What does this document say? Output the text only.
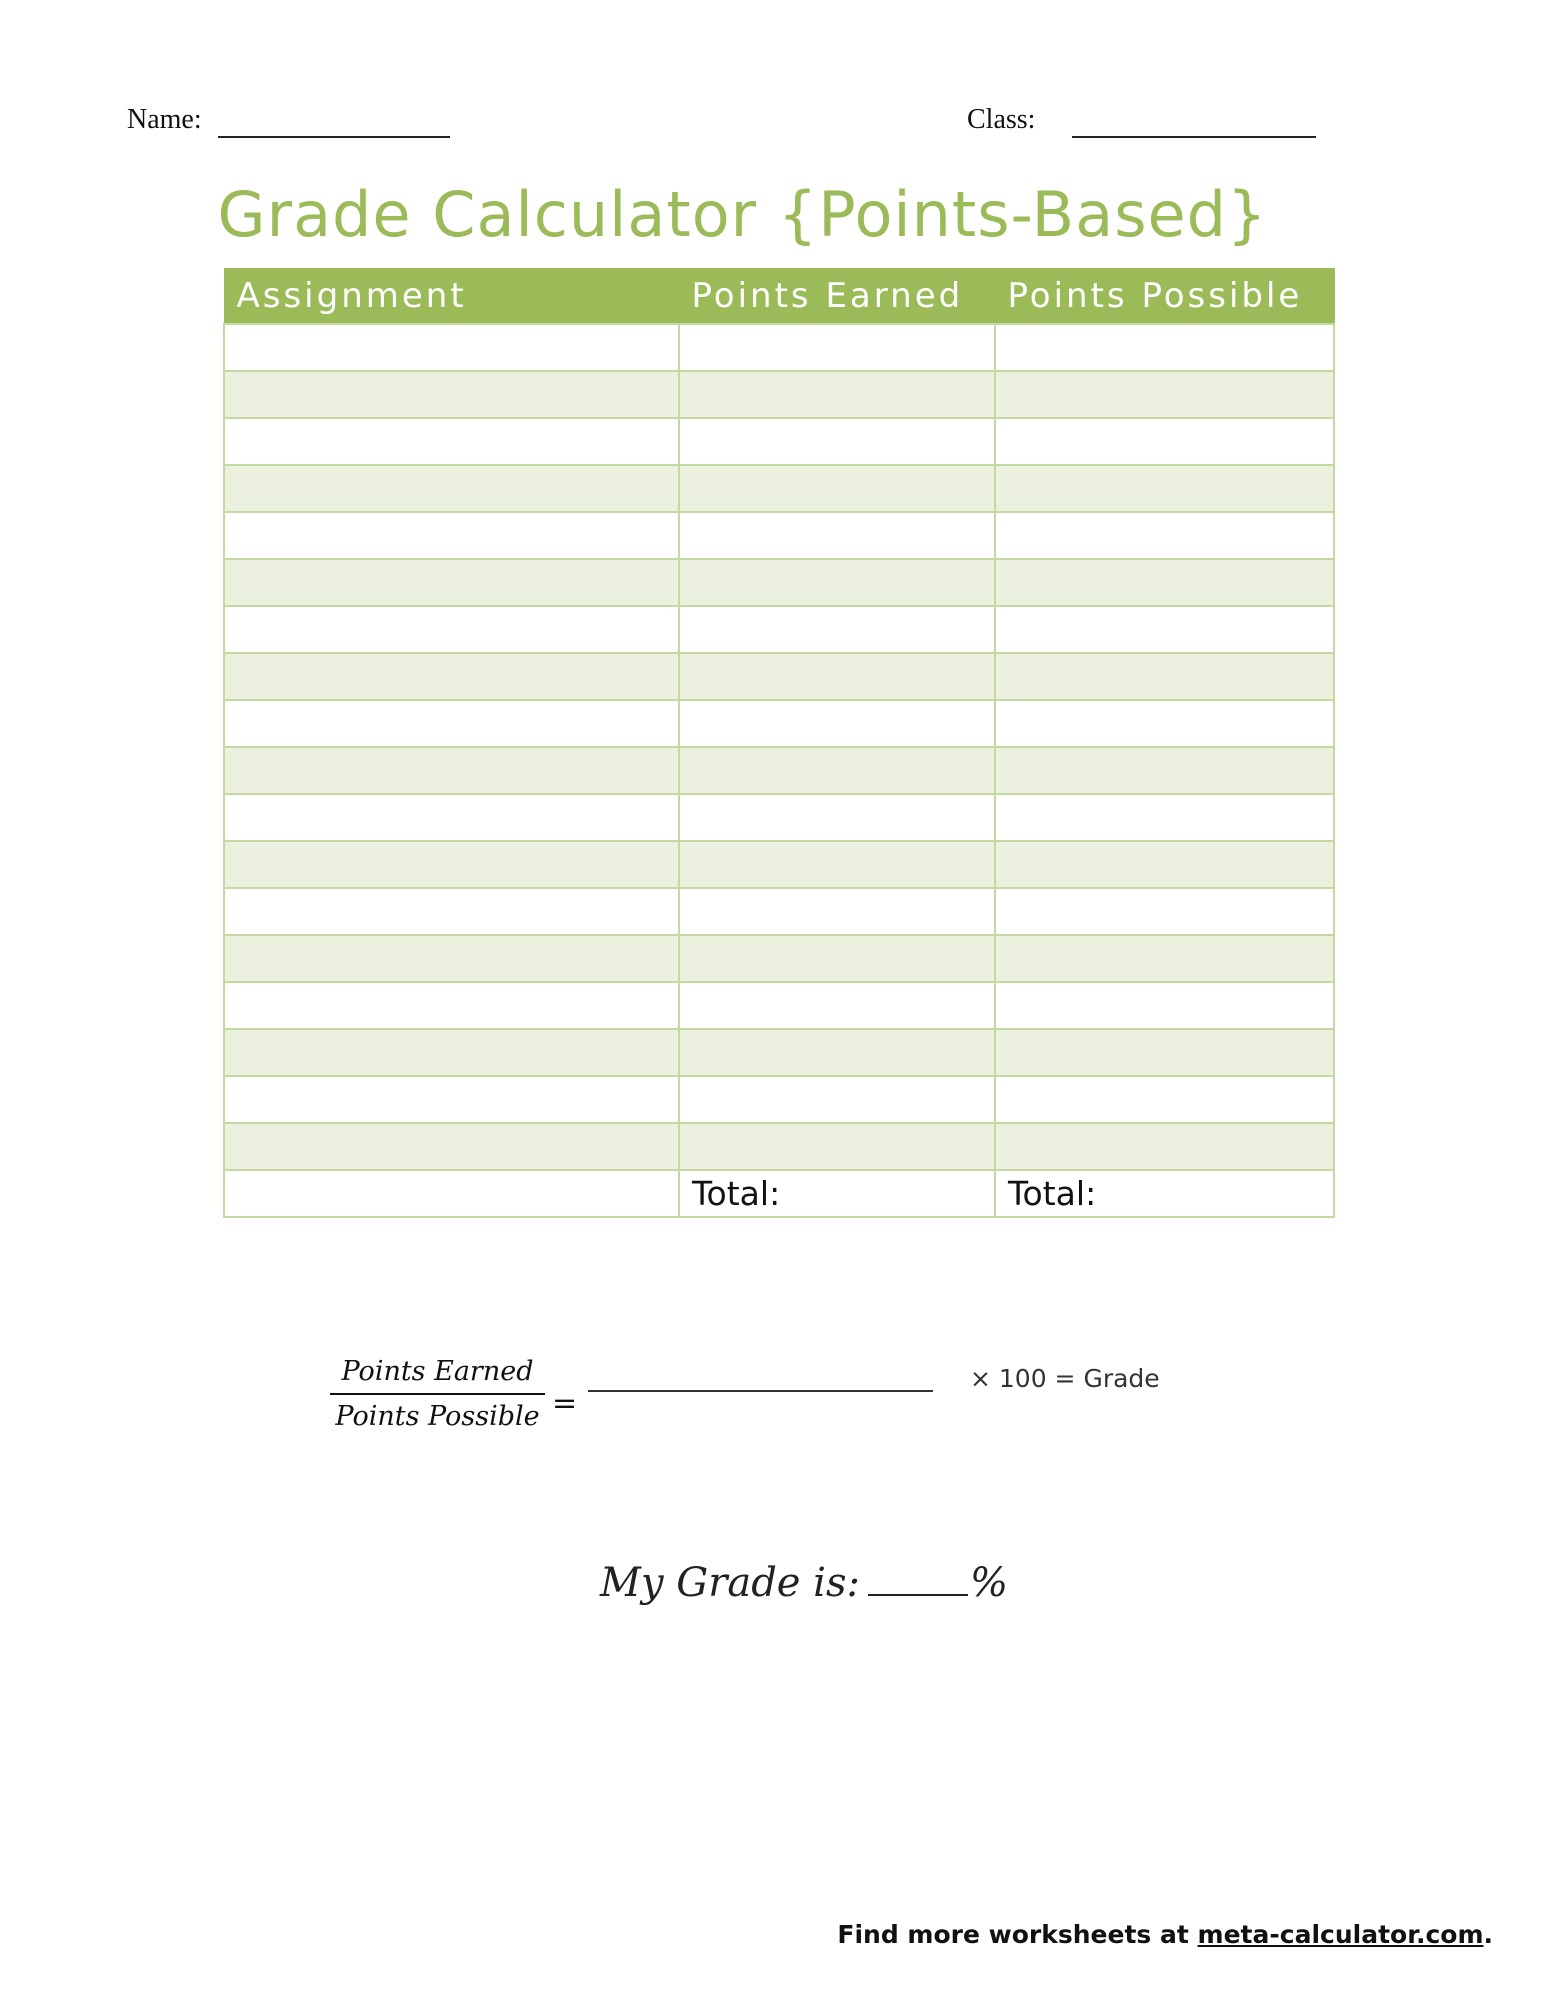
Name:	Class:
Grade Calculator {Points-Based}
Assignment	Points Earned	Points Possible

	Total:	Total:
Points Earned
Points Possible =
× 100 = Grade
My Grade is:	%
Find more worksheets at meta-calculator.com.
